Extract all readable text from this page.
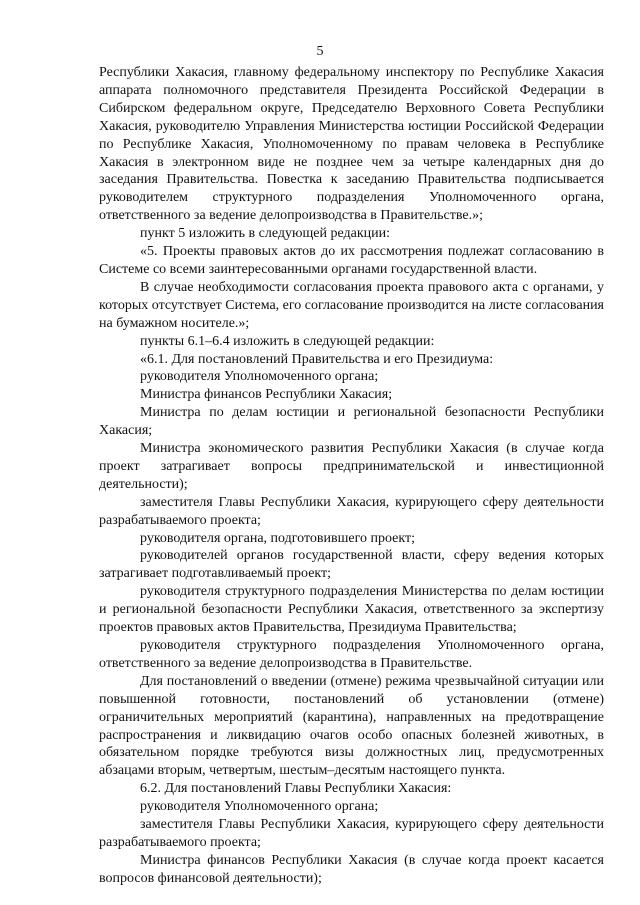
5

Республики Хакасия, главному федеральному инспектору по Республике Хакасия аппарата полномочного представителя Президента Российской Федерации в Сибирском федеральном округе, Председателю Верховного Совета Республики Хакасия, руководителю Управления Министерства юстиции Российской Федерации по Республике Хакасия, Уполномоченному по правам человека в Республике Хакасия в электронном виде не позднее чем за четыре календарных дня до заседания Правительства. Повестка к заседанию Правительства подписывается руководителем структурного подразделения Уполномоченного органа, ответственного за ведение делопроизводства в Правительстве.»;

пункт 5 изложить в следующей редакции:

«5. Проекты правовых актов до их рассмотрения подлежат согласованию в Системе со всеми заинтересованными органами государственной власти.

В случае необходимости согласования проекта правового акта с органами, у которых отсутствует Система, его согласование производится на листе согласования на бумажном носителе.»;

пункты 6.1–6.4 изложить в следующей редакции:

«6.1. Для постановлений Правительства и его Президиума:

руководителя Уполномоченного органа;

Министра финансов Республики Хакасия;

Министра по делам юстиции и региональной безопасности Республики Хакасия;

Министра экономического развития Республики Хакасия (в случае когда проект затрагивает вопросы предпринимательской и инвестиционной деятельности);

заместителя Главы Республики Хакасия, курирующего сферу деятельности разрабатываемого проекта;

руководителя органа, подготовившего проект;

руководителей органов государственной власти, сферу ведения которых затрагивает подготавливаемый проект;

руководителя структурного подразделения Министерства по делам юстиции и региональной безопасности Республики Хакасия, ответственного за экспертизу проектов правовых актов Правительства, Президиума Правительства;

руководителя структурного подразделения Уполномоченного органа, ответственного за ведение делопроизводства в Правительстве.

Для постановлений о введении (отмене) режима чрезвычайной ситуации или повышенной готовности, постановлений об установлении (отмене) ограничительных мероприятий (карантина), направленных на предотвращение распространения и ликвидацию очагов особо опасных болезней животных, в обязательном порядке требуются визы должностных лиц, предусмотренных абзацами вторым, четвертым, шестым–десятым настоящего пункта.

6.2. Для постановлений Главы Республики Хакасия:

руководителя Уполномоченного органа;

заместителя Главы Республики Хакасия, курирующего сферу деятельности разрабатываемого проекта;

Министра финансов Республики Хакасия (в случае когда проект касается вопросов финансовой деятельности);
